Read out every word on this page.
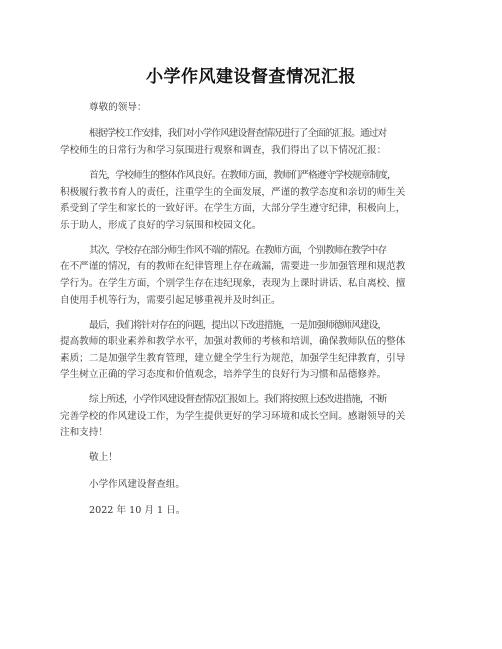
小学作风建设督查情况汇报

尊敬的领导：

根据学校工作安排，我们对小学作风建设督查情况进行了全面的汇报。通过对
学校师生的日常行为和学习氛围进行观察和调查，我们得出了以下情况汇报：

首先，学校师生的整体作风良好。在教师方面，教师们严格遵守学校规章制度，
积极履行教书育人的责任，注重学生的全面发展，严谨的教学态度和亲切的师生关
系受到了学生和家长的一致好评。在学生方面，大部分学生遵守纪律，积极向上，
乐于助人，形成了良好的学习氛围和校园文化。

其次，学校存在部分师生作风不端的情况。在教师方面，个别教师在教学中存
在不严谨的情况，有的教师在纪律管理上存在疏漏，需要进一步加强管理和规范教
学行为。在学生方面，个别学生存在违纪现象，表现为上课时讲话、私自离校、擅
自使用手机等行为，需要引起足够重视并及时纠正。

最后，我们将针对存在的问题，提出以下改进措施，一是加强师德师风建设，
提高教师的职业素养和教学水平，加强对教师的考核和培训，确保教师队伍的整体
素质；二是加强学生教育管理，建立健全学生行为规范，加强学生纪律教育，引导
学生树立正确的学习态度和价值观念，培养学生的良好行为习惯和品德修养。

综上所述，小学作风建设督查情况汇报如上。我们将按照上述改进措施，不断
完善学校的作风建设工作，为学生提供更好的学习环境和成长空间。感谢领导的关
注和支持！

敬上！

小学作风建设督查组。

2022 年 10 月 1 日。
